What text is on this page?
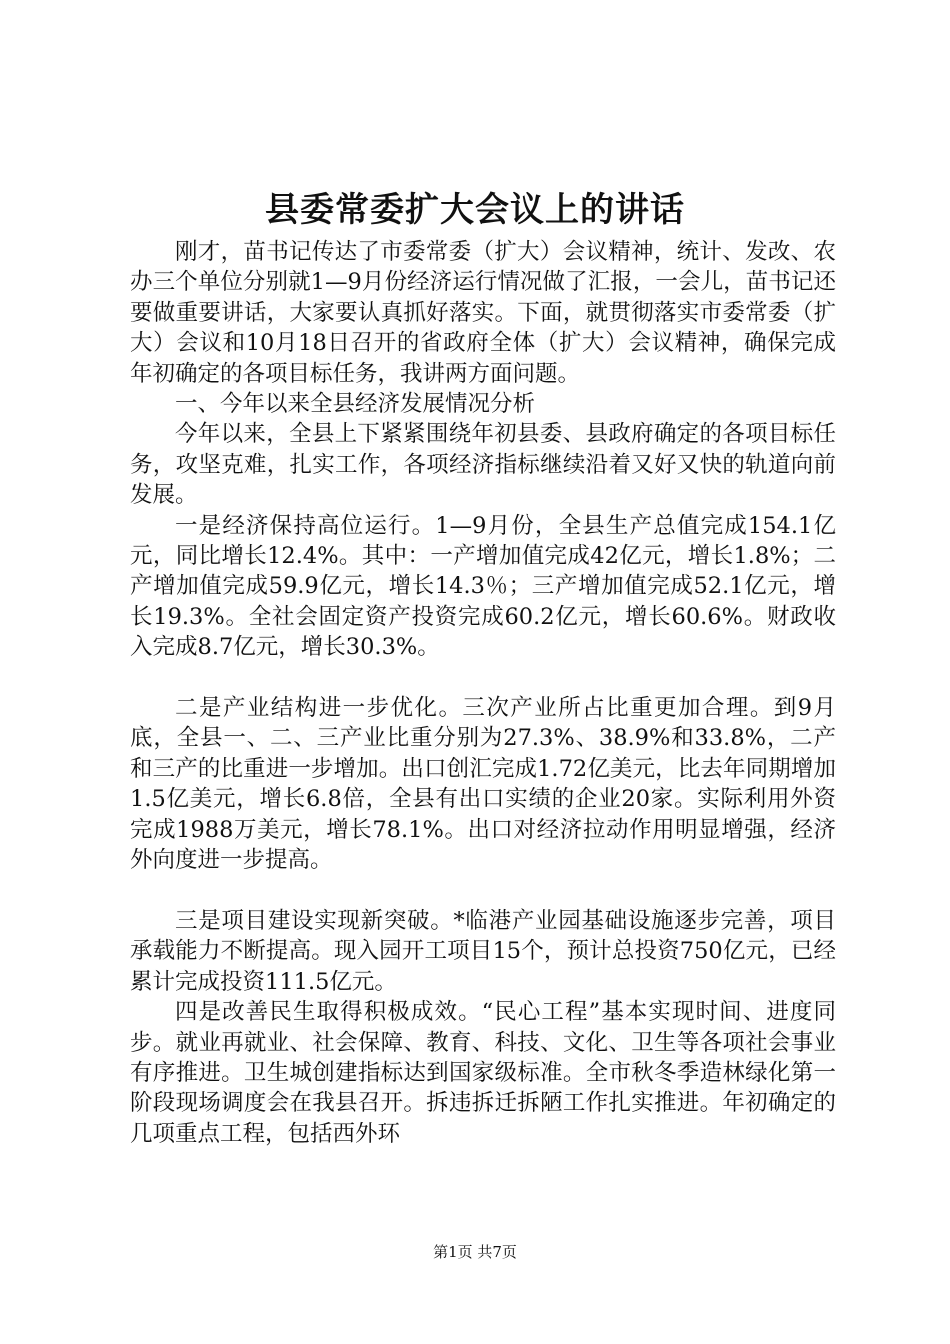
县委常委扩大会议上的讲话

刚才，苗书记传达了市委常委（扩大）会议精神，统计、发改、农办三个单位分别就1—9月份经济运行情况做了汇报，一会儿，苗书记还要做重要讲话，大家要认真抓好落实。下面，就贯彻落实市委常委（扩大）会议和10月18日召开的省政府全体（扩大）会议精神，确保完成年初确定的各项目标任务，我讲两方面问题。

一、今年以来全县经济发展情况分析

今年以来，全县上下紧紧围绕年初县委、县政府确定的各项目标任务，攻坚克难，扎实工作，各项经济指标继续沿着又好又快的轨道向前发展。

一是经济保持高位运行。1—9月份，全县生产总值完成154.1亿元，同比增长12.4%。其中：一产增加值完成42亿元，增长1.8%；二产增加值完成59.9亿元，增长14.3％；三产增加值完成52.1亿元，增长19.3%。全社会固定资产投资完成60.2亿元，增长60.6%。财政收入完成8.7亿元，增长30.3%。

二是产业结构进一步优化。三次产业所占比重更加合理。到9月底，全县一、二、三产业比重分别为27.3%、38.9%和33.8%，二产和三产的比重进一步增加。出口创汇完成1.72亿美元，比去年同期增加1.5亿美元，增长6.8倍，全县有出口实绩的企业20家。实际利用外资完成1988万美元，增长78.1%。出口对经济拉动作用明显增强，经济外向度进一步提高。

三是项目建设实现新突破。*临港产业园基础设施逐步完善，项目承载能力不断提高。现入园开工项目15个，预计总投资750亿元，已经累计完成投资111.5亿元。

四是改善民生取得积极成效。“民心工程”基本实现时间、进度同步。就业再就业、社会保障、教育、科技、文化、卫生等各项社会事业有序推进。卫生城创建指标达到国家级标准。全市秋冬季造林绿化第一阶段现场调度会在我县召开。拆违拆迁拆陋工作扎实推进。年初确定的几项重点工程，包括西外环

第1页 共7页
